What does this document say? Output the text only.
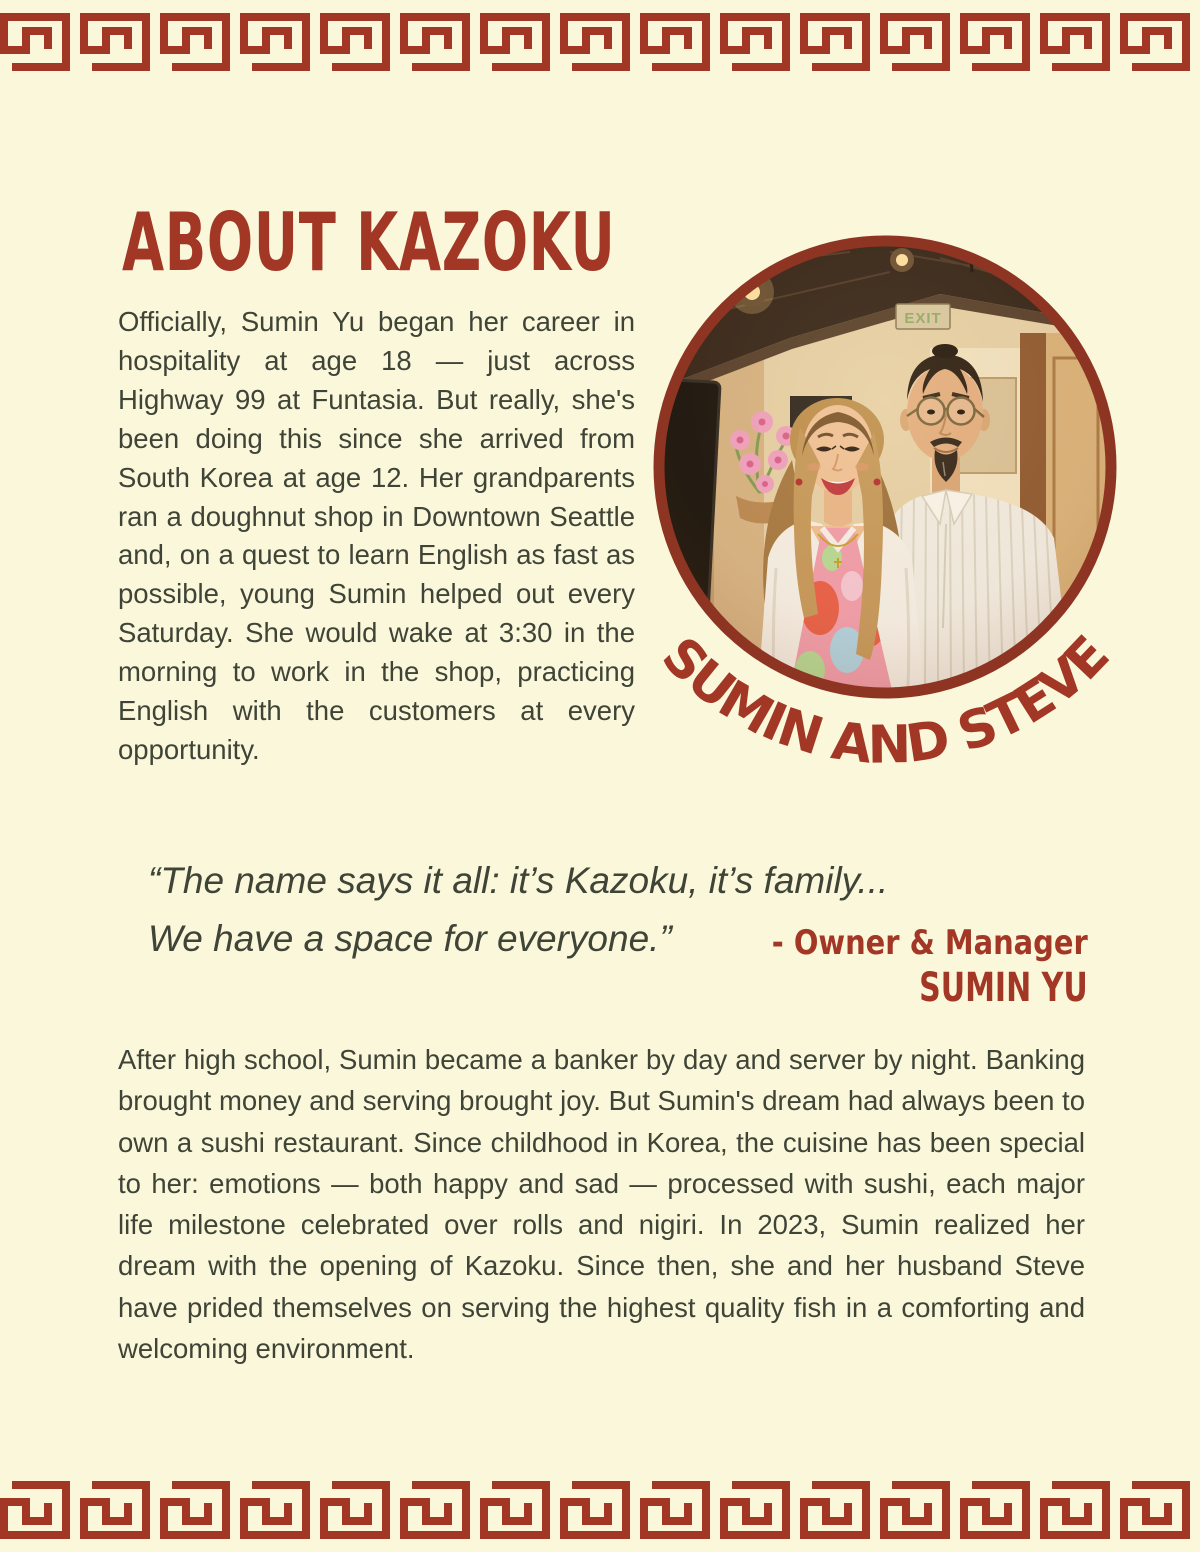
ABOUT KAZOKU
Officially, Sumin Yu began her career in hospitality at age 18 — just across Highway 99 at Funtasia. But really, she's been doing this since she arrived from South Korea at age 12. Her grandparents ran a doughnut shop in Downtown Seattle and, on a quest to learn English as fast as possible, young Sumin helped out every Saturday. She would wake at 3:30 in the morning to work in the shop, practicing English with the customers at every opportunity.
SUMIN AND STEVE
“The name says it all: it’s Kazoku, it’s family...
We have a space for everyone.”	- Owner & Manager
SUMIN YU
After high school, Sumin became a banker by day and server by night. Banking brought money and serving brought joy. But Sumin's dream had always been to own a sushi restaurant. Since childhood in Korea, the cuisine has been special to her: emotions — both happy and sad — processed with sushi, each major life milestone celebrated over rolls and nigiri. In 2023, Sumin realized her dream with the opening of Kazoku. Since then, she and her husband Steve have prided themselves on serving the highest quality fish in a comforting and welcoming environment.
